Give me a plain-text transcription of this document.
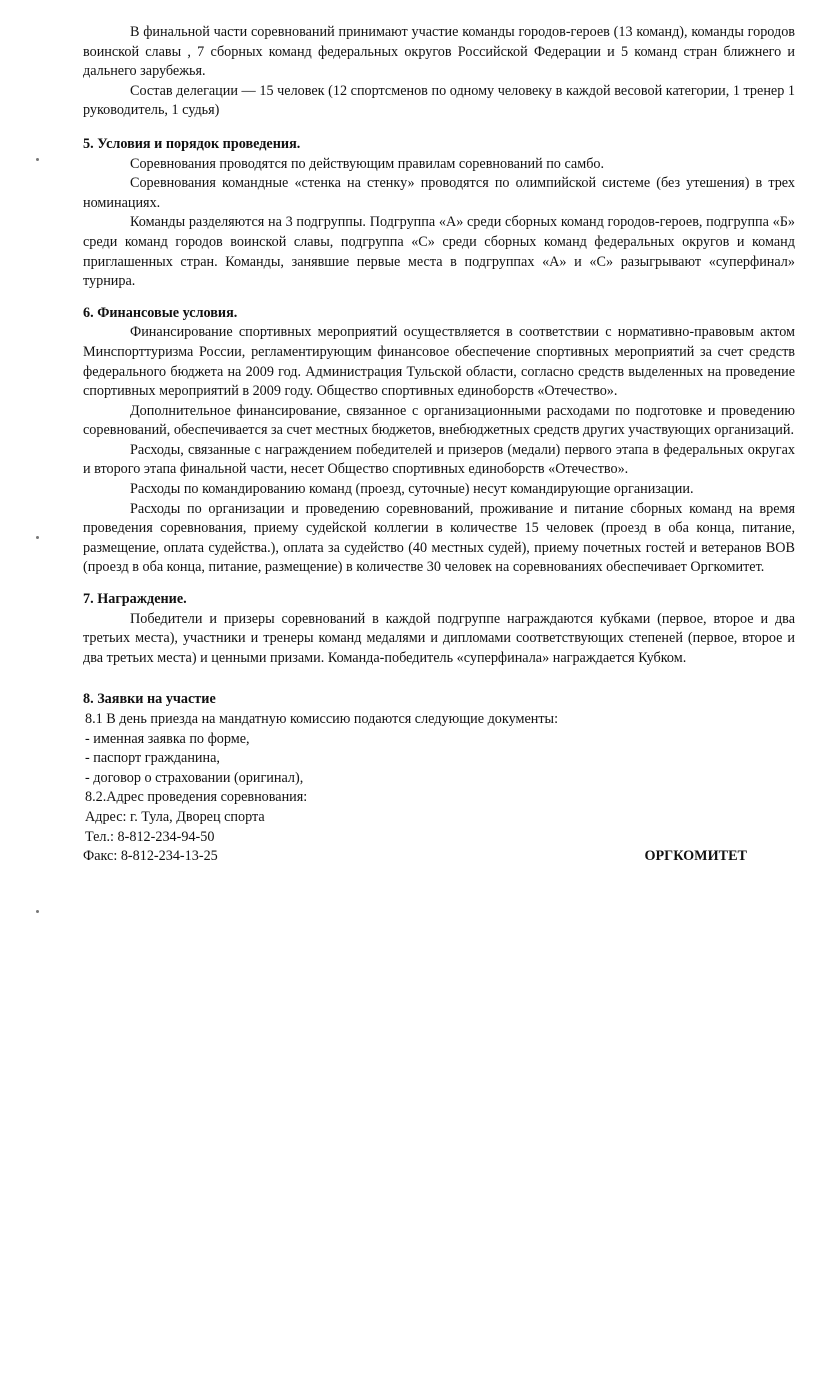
В финальной части соревнований принимают участие команды городов-героев (13 команд), команды городов воинской славы , 7 сборных команд федеральных округов Российской Федерации и 5 команд стран ближнего и дальнего зарубежья.

Состав делегации — 15 человек (12 спортсменов по одному человеку в каждой весовой категории, 1 тренер 1 руководитель, 1 судья)

5. Условия и порядок проведения.

Соревнования проводятся по действующим правилам соревнований по самбо.

Соревнования командные «стенка на стенку» проводятся по олимпийской системе (без утешения) в трех номинациях.

Команды разделяются на 3 подгруппы. Подгруппа «А» среди сборных команд городов-героев, подгруппа «Б» среди команд городов воинской славы, подгруппа «С» среди сборных команд федеральных округов и команд приглашенных стран. Команды, занявшие первые места в подгруппах «А» и «С» разыгрывают «суперфинал» турнира.

6. Финансовые условия.

Финансирование спортивных мероприятий осуществляется в соответствии с нормативно-правовым актом Минспорттуризма России, регламентирующим финансовое обеспечение спортивных мероприятий за счет средств федерального бюджета на 2009 год. Администрация Тульской области, согласно средств выделенных на проведение спортивных мероприятий в 2009 году. Общество спортивных единоборств «Отечество».

Дополнительное финансирование, связанное с организационными расходами по подготовке и проведению соревнований, обеспечивается за счет местных бюджетов, внебюджетных средств других участвующих организаций.

Расходы, связанные с награждением победителей и призеров (медали) первого этапа в федеральных округах и второго этапа финальной части, несет Общество спортивных единоборств «Отечество».

Расходы по командированию команд (проезд, суточные) несут командирующие организации.

Расходы по организации и проведению соревнований, проживание и питание сборных команд на время проведения соревнования, приему судейской коллегии в количестве 15 человек (проезд в оба конца, питание, размещение, оплата судейства.), оплата за судейство (40 местных судей), приему почетных гостей и ветеранов ВОВ (проезд в оба конца, питание, размещение) в количестве 30 человек на соревнованиях обеспечивает Оргкомитет.

7. Награждение.

Победители и призеры соревнований в каждой подгруппе награждаются кубками (первое, второе и два третьих места), участники и тренеры команд медалями и дипломами соответствующих степеней (первое, второе и два третьих места) и ценными призами. Команда-победитель «суперфинала» награждается Кубком.

8. Заявки на участие

8.1 В день приезда на мандатную комиссию подаются следующие документы:

- именная заявка по форме,

- паспорт гражданина,

- договор о страховании (оригинал),

8.2.Адрес проведения соревнования:

Адрес: г. Тула, Дворец спорта

Тел.: 8-812-234-94-50

Факс: 8-812-234-13-25	ОРГКОМИТЕТ
